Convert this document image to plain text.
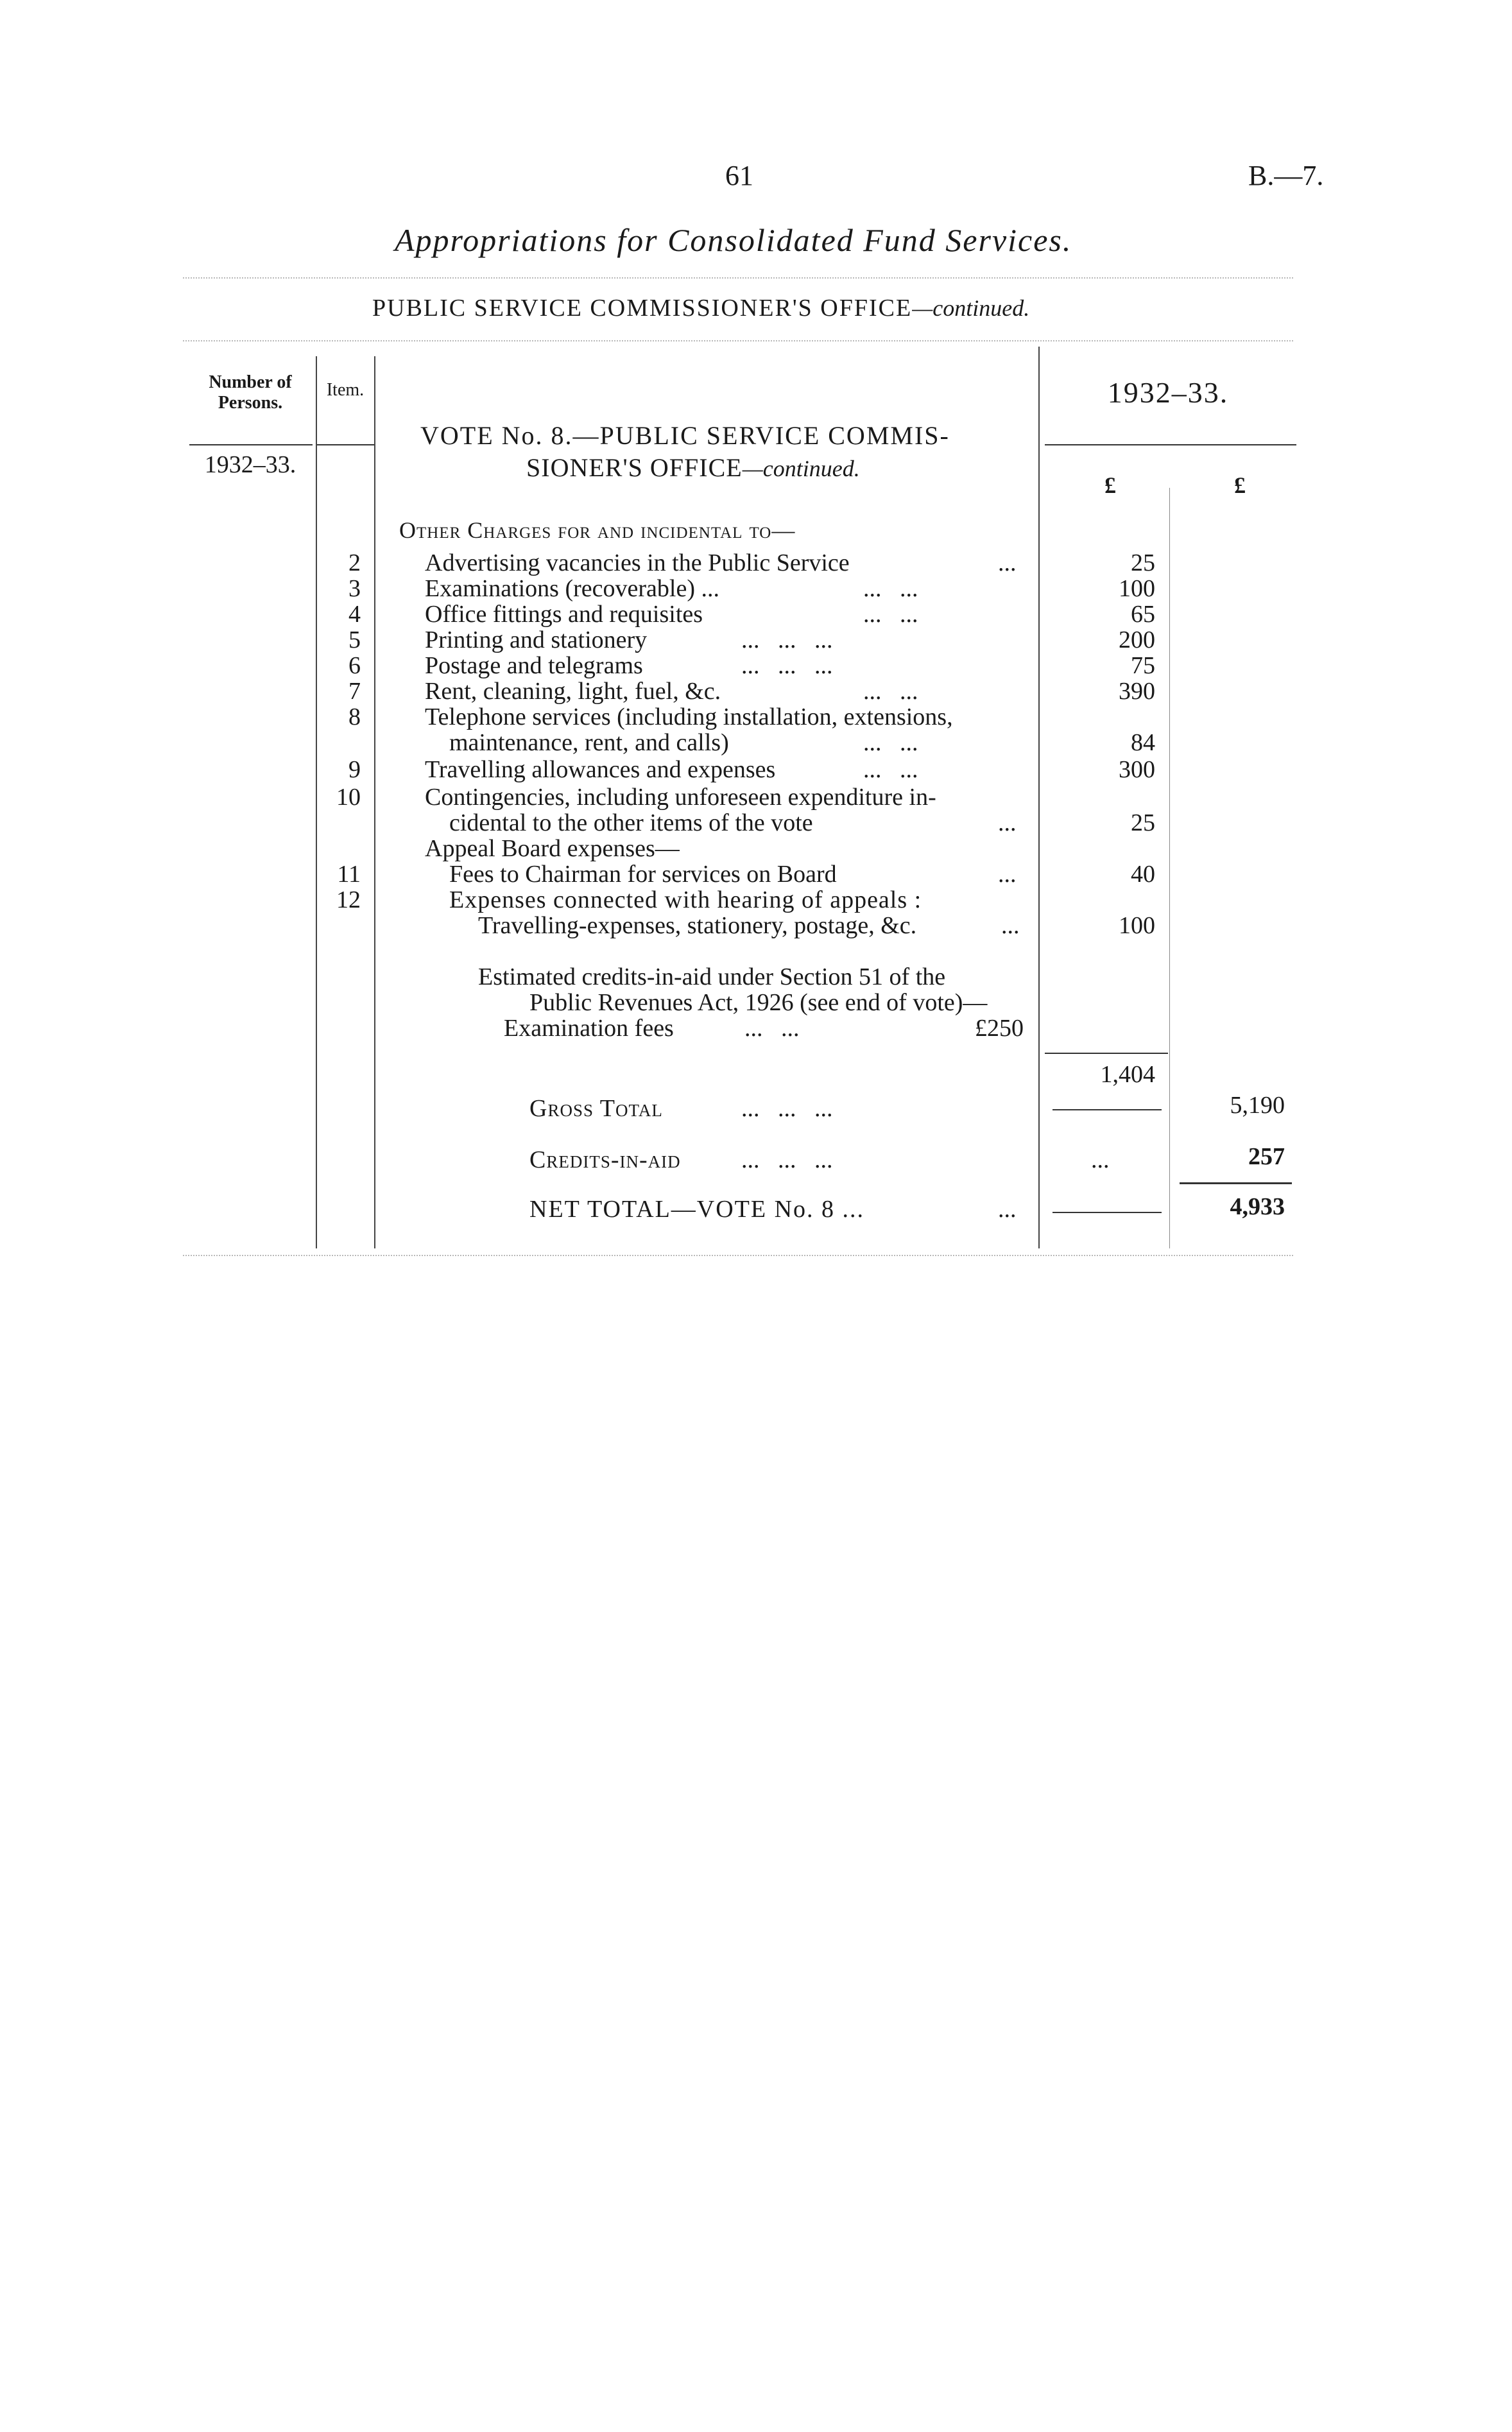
61	B.—7.
Appropriations for Consolidated Fund Services.
PUBLIC SERVICE COMMISSIONER'S OFFICE—continued.
Number of Persons.
1932–33.
Item.	1932–33.
£	£
VOTE No. 8.—PUBLIC SERVICE COMMIS-
SIONER'S OFFICE—continued.
Other Charges for and incidental to—
2	Advertising vacancies in the Public Service	...	25
3	Examinations (recoverable) ...	...   ...	100
4	Office fittings and requisites	...   ...	65
5	Printing and stationery	...   ...   ...	200
6	Postage and telegrams	...   ...   ...	75
7	Rent, cleaning, light, fuel, &c.	...   ...	390
8	Telephone services (including installation, extensions,
maintenance, rent, and calls)	...   ...	84
9	Travelling allowances and expenses	...   ...	300
10	Contingencies, including unforeseen expenditure in-
cidental to the other items of the vote	...	25
Appeal Board expenses—
11	Fees to Chairman for services on Board	...	40
12	Expenses connected with hearing of appeals :
Travelling-expenses, stationery, postage, &c.	...	100
Estimated credits-in-aid under Section 51 of the
Public Revenues Act, 1926 (see end of vote)—
Examination fees	...   ...	£250
1,404
Gross Total	...   ...   ...	5,190
Credits-in-aid ...   ...   ...	...	257
NET TOTAL—VOTE No. 8 ...	...	4,933
